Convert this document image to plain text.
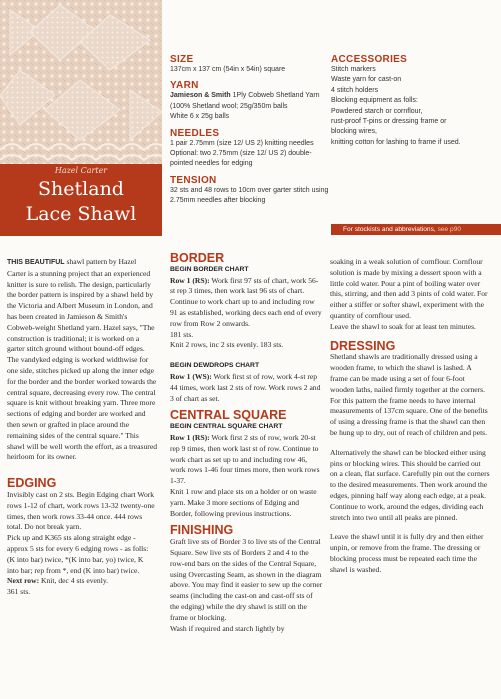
Hazel Carter
Shetland
Lace Shawl
SIZE
137cm x 137 cm (54in x 54in) square
YARN
Jamieson & Smith 1Ply Cobweb Shetland Yarn (100% Shetland wool; 25g/350m balls
White 6 x 25g balls
NEEDLES
1 pair 2.75mm (size 12/ US 2) knitting needles
Optional: two 2.75mm (size 12/ US 2) double-pointed needles for edging
TENSION
32 sts and 48 rows to 10cm over garter stitch using 2.75mm needles after blocking
ACCESSORIES
Stitch markers
Waste yarn for cast-on
4 stitch holders
Blocking equipment as folls:
Powdered starch or cornflour,
rust-proof T-pins or dressing frame or
blocking wires,
knitting cotton for lashing to frame if used.
For stockists and abbreviations, see p90

THIS BEAUTIFUL shawl pattern by Hazel Carter is a stunning project that an experienced knitter is sure to relish. The design, particularly the border pattern is inspired by a shawl held by the Victoria and Albert Museum in London, and has been created in Jamieson & Smith's Cobweb-weight Shetland yarn. Hazel says, "The construction is traditional; it is worked on a garter stitch ground without bound-off edges. The vandyked edging is worked widthwise for one side, stitches picked up along the inner edge for the border and the border worked towards the central square, decreasing every row. The central square is knit without breaking yarn. Three more sections of edging and border are worked and then sewn or grafted in place around the remaining sides of the central square." This shawl will be well worth the effort, as a treasured heirloom for its owner.

EDGING

Invisibly cast on 2 sts. Begin Edging chart Work rows 1-12 of chart, work rows 13-32 twenty-one times, then work rows 33-44 once. 444 rows total. Do not break yarn.

Pick up and K365 sts along straight edge - approx 5 sts for every 6 edging rows - as folls:

(K into bar) twice, *(K into bar, yo) twice, K into bar; rep from *, end (K into bar) twice.

Next row: Knit, dec 4 sts evenly.

361 sts.

BORDER
BEGIN BORDER CHART

Row 1 (RS): Work first 97 sts of chart, work 56-st rep 3 times, then work last 96 sts of chart. Continue to work chart up to and including row 91 as established, working decs each end of every row from Row 2 onwards.

181 sts.

Knit 2 rows, inc 2 sts evenly. 183 sts.

BEGIN DEWDROPS CHART

Row 1 (WS): Work first st of row, work 4-st rep 44 times, work last 2 sts of row. Work rows 2 and 3 of chart as set.

CENTRAL SQUARE
BEGIN CENTRAL SQUARE CHART

Row 1 (RS): Work first 2 sts of row, work 20-st rep 9 times, then work last st of row. Continue to work chart as set up to and including row 46, work rows 1-46 four times more, then work rows 1-37.

Knit 1 row and place sts on a holder or on waste yarn. Make 3 more sections of Edging and Border, following previous instructions.

FINISHING

Graft live sts of Border 3 to live sts of the Central Square. Sew live sts of Borders 2 and 4 to the row-end bars on the sides of the Central Square, using Overcasting Seam, as shown in the diagram above. You may find it easier to sew up the corner seams (including the cast-on and cast-off sts of the edging) while the dry shawl is still on the frame or blocking.

Wash if required and starch lightly by

soaking in a weak solution of cornflour. Cornflour solution is made by mixing a dessert spoon with a little cold water. Pour a pint of boiling water over this, stirring, and then add 3 pints of cold water. For either a stiffer or softer shawl, experiment with the quantity of cornflour used.

Leave the shawl to soak for at least ten minutes.

DRESSING

Shetland shawls are traditionally dressed using a wooden frame, to which the shawl is lashed. A frame can be made using a set of four 6-foot wooden laths, nailed firmly together at the corners. For this pattern the frame needs to have internal measurements of 137cm square. One of the benefits of using a dressing frame is that the shawl can then be hung up to dry, out of reach of children and pets.

Alternatively the shawl can be blocked either using pins or blocking wires. This should be carried out on a clean, flat surface. Carefully pin out the corners to the desired measurements. Then work around the edges, pinning half way along each edge, at a peak. Continue to work, around the edges, dividing each stretch into two until all peaks are pinned.

Leave the shawl until it is fully dry and then either unpin, or remove from the frame. The dressing or blocking process must be repeated each time the shawl is washed.
